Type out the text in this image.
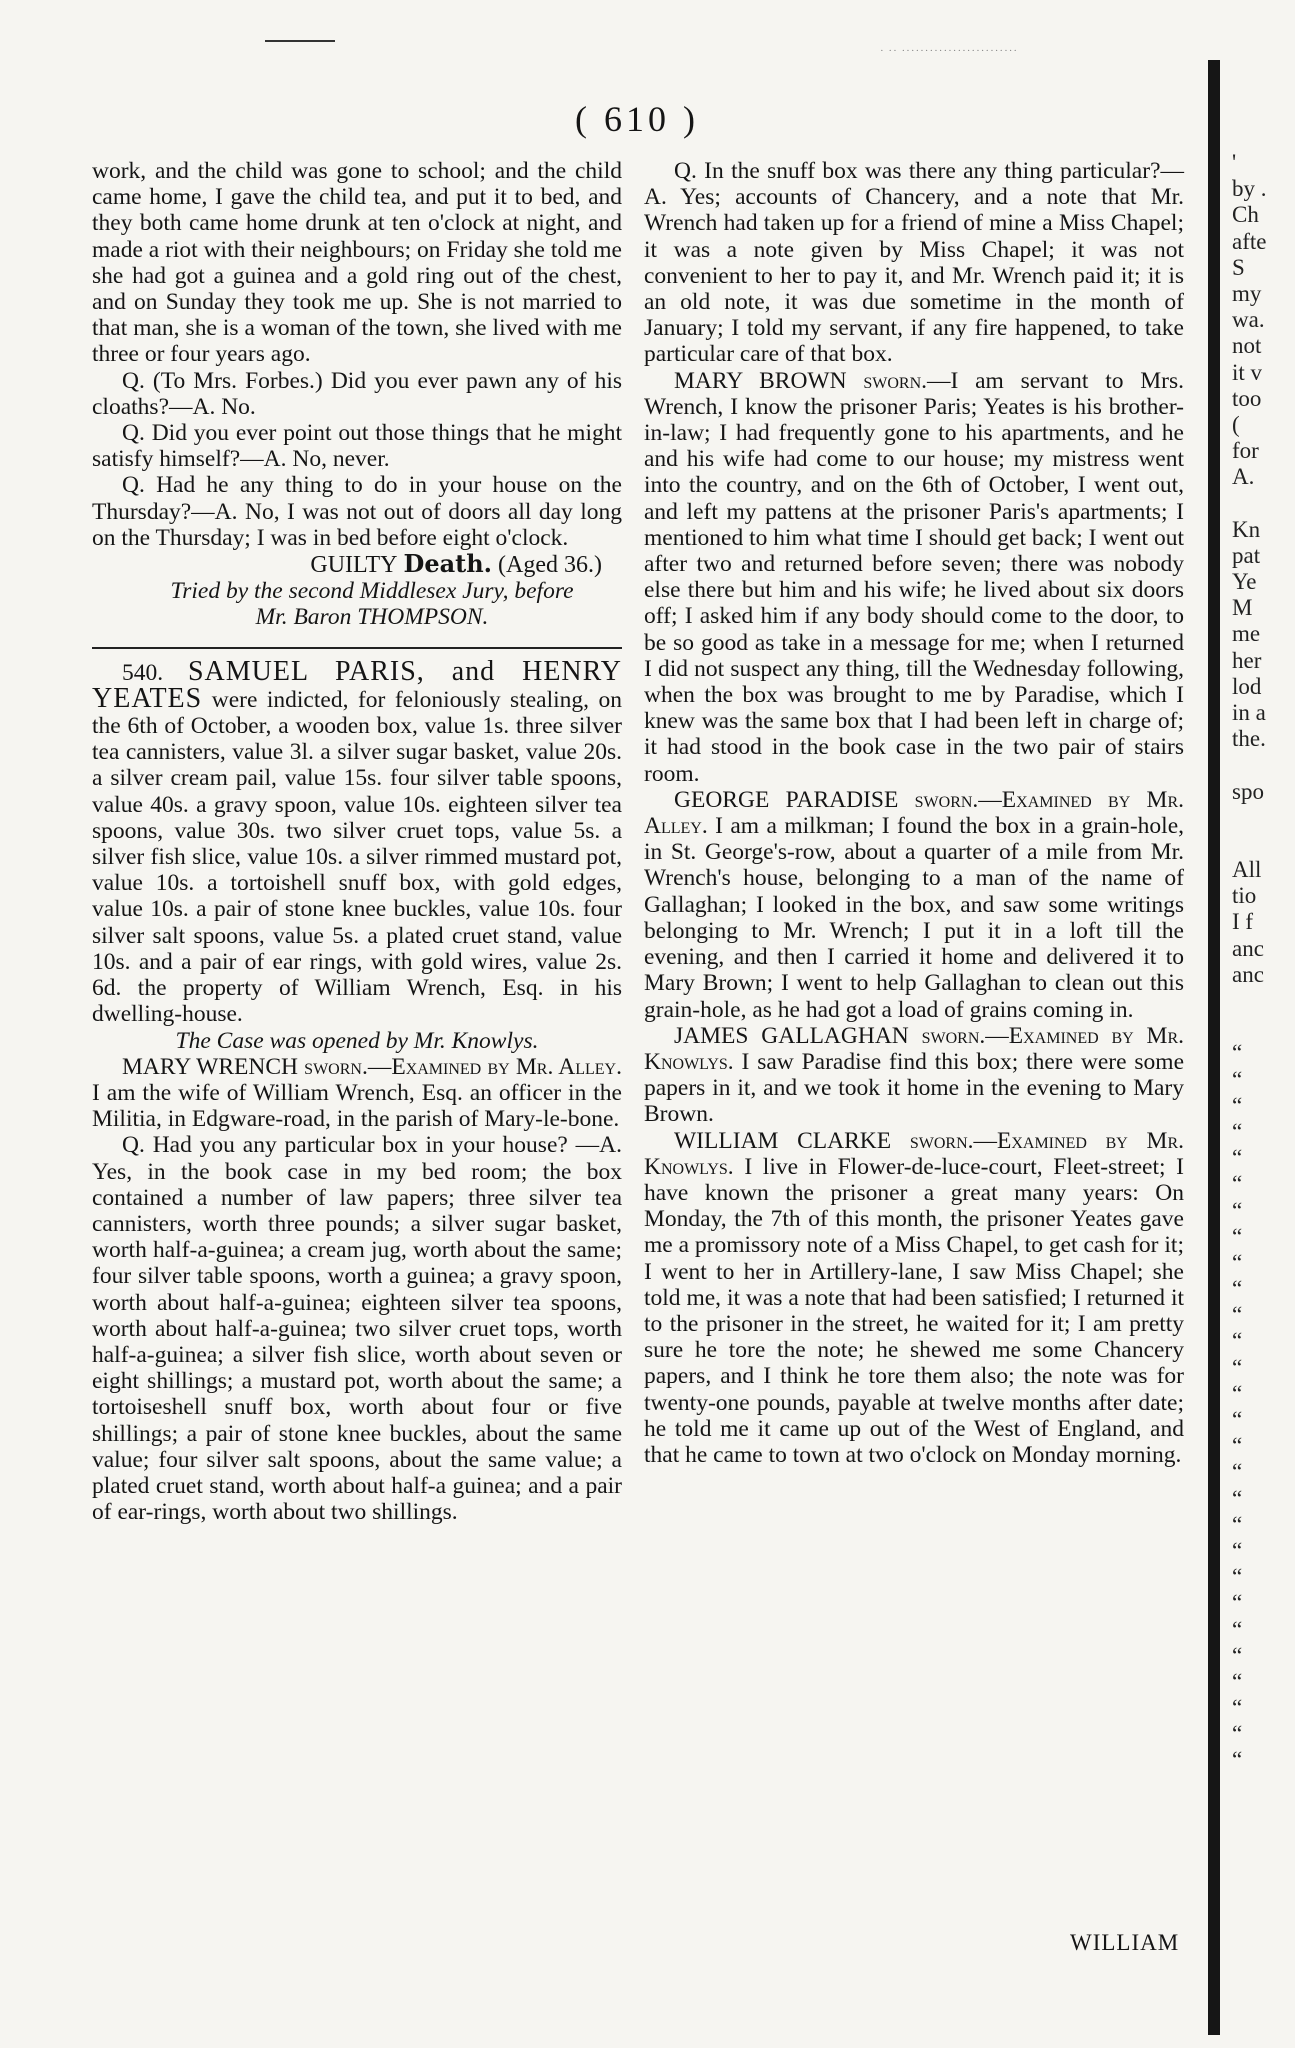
· ·· ·························
( 610 )

work, and the child was gone to school; and the child came home, I gave the child tea, and put it to bed, and they both came home drunk at ten o'clock at night, and made a riot with their neighbours; on Friday she told me she had got a guinea and a gold ring out of the chest, and on Sunday they took me up. She is not married to that man, she is a woman of the town, she lived with me three or four years ago.

Q. (To Mrs. Forbes.) Did you ever pawn any of his cloaths?—A. No.

Q. Did you ever point out those things that he might satisfy himself?—A. No, never.

Q. Had he any thing to do in your house on the Thursday?—A. No, I was not out of doors all day long on the Thursday; I was in bed before eight o'clock.

GUILTY Death. (Aged 36.)
Tried by the second Middlesex Jury, before
Mr. Baron THOMPSON.

540. SAMUEL PARIS, and HENRY YEATES were indicted, for feloniously stealing, on the 6th of October, a wooden box, value 1s. three silver tea cannisters, value 3l. a silver sugar basket, value 20s. a silver cream pail, value 15s. four silver table spoons, value 40s. a gravy spoon, value 10s. eighteen silver tea spoons, value 30s. two silver cruet tops, value 5s. a silver fish slice, value 10s. a silver rimmed mustard pot, value 10s. a tortoishell snuff box, with gold edges, value 10s. a pair of stone knee buckles, value 10s. four silver salt spoons, value 5s. a plated cruet stand, value 10s. and a pair of ear rings, with gold wires, value 2s. 6d. the property of William Wrench, Esq. in his dwelling-house.

The Case was opened by Mr. Knowlys.

MARY WRENCH sworn.—Examined by Mr. Alley. I am the wife of William Wrench, Esq. an officer in the Militia, in Edgware-road, in the parish of Mary-le-bone.

Q. Had you any particular box in your house? —A. Yes, in the book case in my bed room; the box contained a number of law papers; three silver tea cannisters, worth three pounds; a silver sugar basket, worth half-a-guinea; a cream jug, worth about the same; four silver table spoons, worth a guinea; a gravy spoon, worth about half-a-guinea; eighteen silver tea spoons, worth about half-a-guinea; two silver cruet tops, worth half-a-guinea; a silver fish slice, worth about seven or eight shillings; a mustard pot, worth about the same; a tortoiseshell snuff box, worth about four or five shillings; a pair of stone knee buckles, about the same value; four silver salt spoons, about the same value; a plated cruet stand, worth about half-a guinea; and a pair of ear-rings, worth about two shillings.

Q. In the snuff box was there any thing particular?—A. Yes; accounts of Chancery, and a note that Mr. Wrench had taken up for a friend of mine a Miss Chapel; it was a note given by Miss Chapel; it was not convenient to her to pay it, and Mr. Wrench paid it; it is an old note, it was due sometime in the month of January; I told my servant, if any fire happened, to take particular care of that box.

MARY BROWN sworn.—I am servant to Mrs. Wrench, I know the prisoner Paris; Yeates is his brother-in-law; I had frequently gone to his apartments, and he and his wife had come to our house; my mistress went into the country, and on the 6th of October, I went out, and left my pattens at the prisoner Paris's apartments; I mentioned to him what time I should get back; I went out after two and returned before seven; there was nobody else there but him and his wife; he lived about six doors off; I asked him if any body should come to the door, to be so good as take in a message for me; when I returned I did not suspect any thing, till the Wednesday following, when the box was brought to me by Paradise, which I knew was the same box that I had been left in charge of; it had stood in the book case in the two pair of stairs room.

GEORGE PARADISE sworn.—Examined by Mr. Alley. I am a milkman; I found the box in a grain-hole, in St. George's-row, about a quarter of a mile from Mr. Wrench's house, belonging to a man of the name of Gallaghan; I looked in the box, and saw some writings belonging to Mr. Wrench; I put it in a loft till the evening, and then I carried it home and delivered it to Mary Brown; I went to help Gallaghan to clean out this grain-hole, as he had got a load of grains coming in.

JAMES GALLAGHAN sworn.—Examined by Mr. Knowlys. I saw Paradise find this box; there were some papers in it, and we took it home in the evening to Mary Brown.

WILLIAM CLARKE sworn.—Examined by Mr. Knowlys. I live in Flower-de-luce-court, Fleet-street; I have known the prisoner a great many years: On Monday, the 7th of this month, the prisoner Yeates gave me a promissory note of a Miss Chapel, to get cash for it; I went to her in Artillery-lane, I saw Miss Chapel; she told me, it was a note that had been satisfied; I returned it to the prisoner in the street, he waited for it; I am pretty sure he tore the note; he shewed me some Chancery papers, and I think he tore them also; the note was for twenty-one pounds, payable at twelve months after date; he told me it came up out of the West of England, and that he came to town at two o'clock on Monday morning.

WILLIAM
'
by .
Ch
afte
S
my
wa.
not
it v
too
(
for
A.
Kn
pat
Ye
M
me
her
lod
in a
the.
spo
All
tio
I f
anc
anc
“
“
“
“
“
“
“
“
“
“
“
“
“
“
“
“
“
“
“
“
“
“
“
“
“
“
“
“
